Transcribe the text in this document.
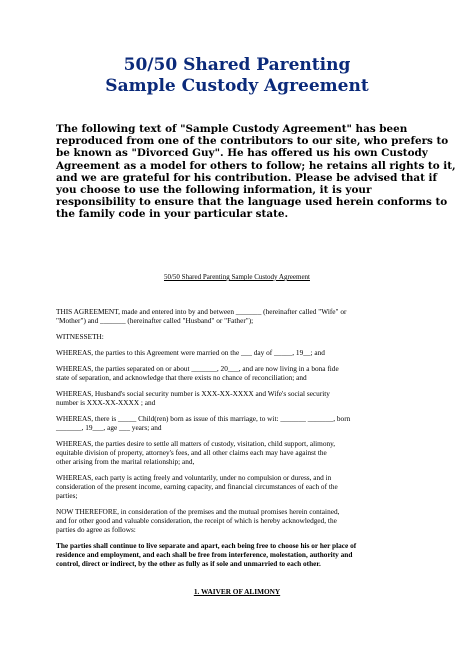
50/50 Shared Parenting
Sample Custody Agreement
The following text of "Sample Custody Agreement" has been
reproduced from one of the contributors to our site, who prefers to
be known as "Divorced Guy". He has offered us his own Custody
Agreement as a model for others to follow; he retains all rights to it,
and we are grateful for his contribution. Please be advised that if
you choose to use the following information, it is your
responsibility to ensure that the language used herein conforms to
the family code in your particular state.
50/50 Shared Parenting Sample Custody Agreement

THIS AGREEMENT, made and entered into by and between _______ (hereinafter called "Wife" or
"Mother") and _______ (hereinafter called "Husband" or "Father");

WITNESSETH:

WHEREAS, the parties to this Agreement were married on the ___ day of _____, 19__; and

WHEREAS, the parties separated on or about _______, 20___, and are now living in a bona fide
state of separation, and acknowledge that there exists no chance of reconciliation; and

WHEREAS, Husband's social security number is XXX-XX-XXXX and Wife's social security
number is XXX-XX-XXXX ; and

WHEREAS, there is _____ Child(ren) born as issue of this marriage, to wit: _______ _______, born
_______, 19___, age ___ years; and

WHEREAS, the parties desire to settle all matters of custody, visitation, child support, alimony,
equitable division of property, attorney's fees, and all other claims each may have against the
other arising from the marital relationship; and,

WHEREAS, each party is acting freely and voluntarily, under no compulsion or duress, and in
consideration of the present income, earning capacity, and financial circumstances of each of the
parties;

NOW THEREFORE, in consideration of the premises and the mutual promises herein contained,
and for other good and valuable consideration, the receipt of which is hereby acknowledged, the
parties do agree as follows:

The parties shall continue to live separate and apart, each being free to choose his or her place of
residence and employment, and each shall be free from interference, molestation, authority and
control, direct or indirect, by the other as fully as if sole and unmarried to each other.

1. WAIVER OF ALIMONY
